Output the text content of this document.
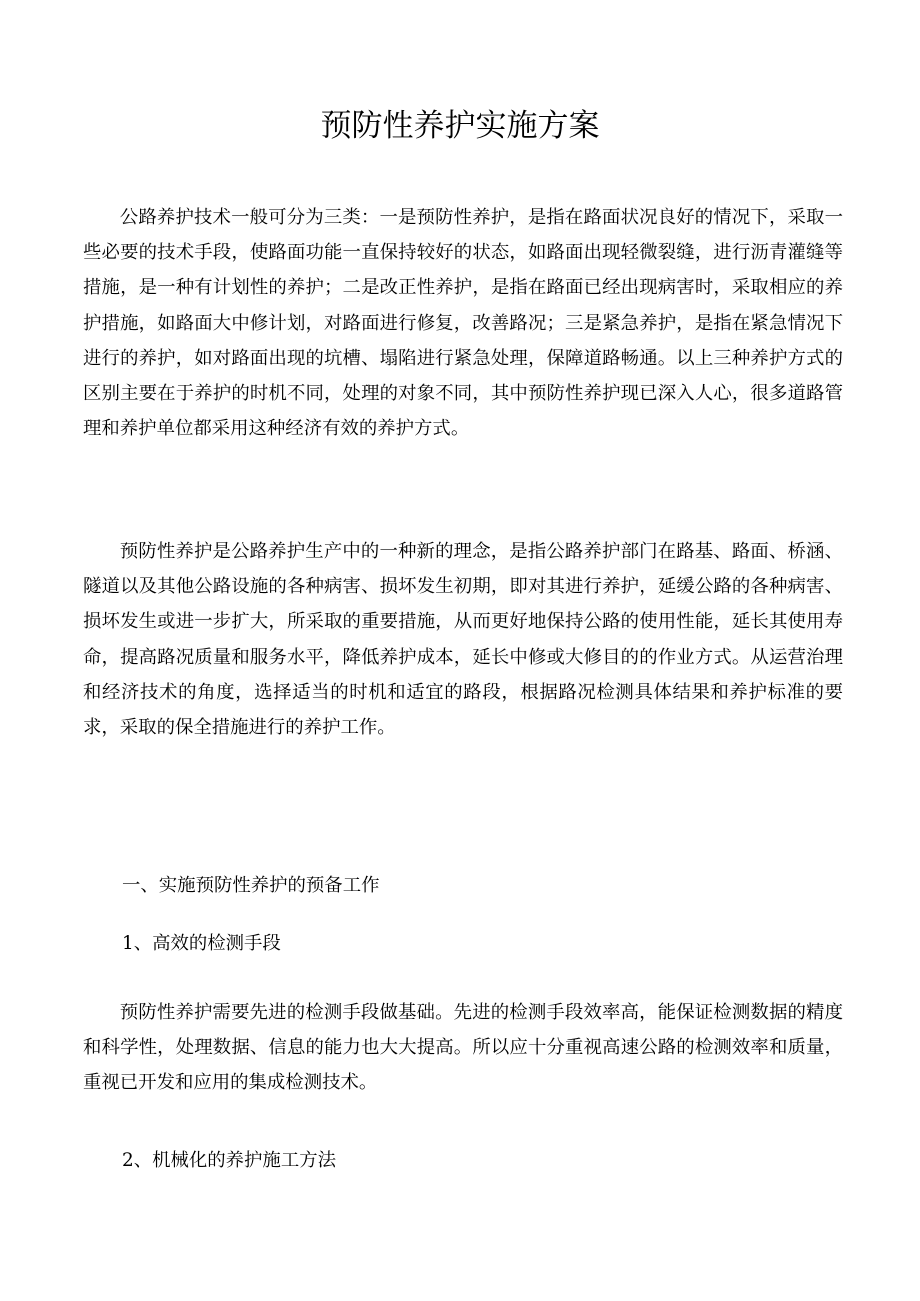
预防性养护实施方案

公路养护技术一般可分为三类：一是预防性养护，是指在路面状况良好的情况下，采取一些必要的技术手段，使路面功能一直保持较好的状态，如路面出现轻微裂缝，进行沥青灌缝等措施，是一种有计划性的养护；二是改正性养护，是指在路面已经出现病害时，采取相应的养护措施，如路面大中修计划，对路面进行修复，改善路况；三是紧急养护，是指在紧急情况下进行的养护，如对路面出现的坑槽、塌陷进行紧急处理，保障道路畅通。以上三种养护方式的区别主要在于养护的时机不同，处理的对象不同，其中预防性养护现已深入人心，很多道路管理和养护单位都采用这种经济有效的养护方式。

预防性养护是公路养护生产中的一种新的理念，是指公路养护部门在路基、路面、桥涵、隧道以及其他公路设施的各种病害、损坏发生初期，即对其进行养护，延缓公路的各种病害、损坏发生或进一步扩大，所采取的重要措施，从而更好地保持公路的使用性能，延长其使用寿命，提高路况质量和服务水平，降低养护成本，延长中修或大修目的的作业方式。从运营治理和经济技术的角度，选择适当的时机和适宜的路段，根据路况检测具体结果和养护标准的要求，采取的保全措施进行的养护工作。

一、实施预防性养护的预备工作
1、高效的检测手段

预防性养护需要先进的检测手段做基础。先进的检测手段效率高，能保证检测数据的精度和科学性，处理数据、信息的能力也大大提高。所以应十分重视高速公路的检测效率和质量，重视已开发和应用的集成检测技术。

2、机械化的养护施工方法
